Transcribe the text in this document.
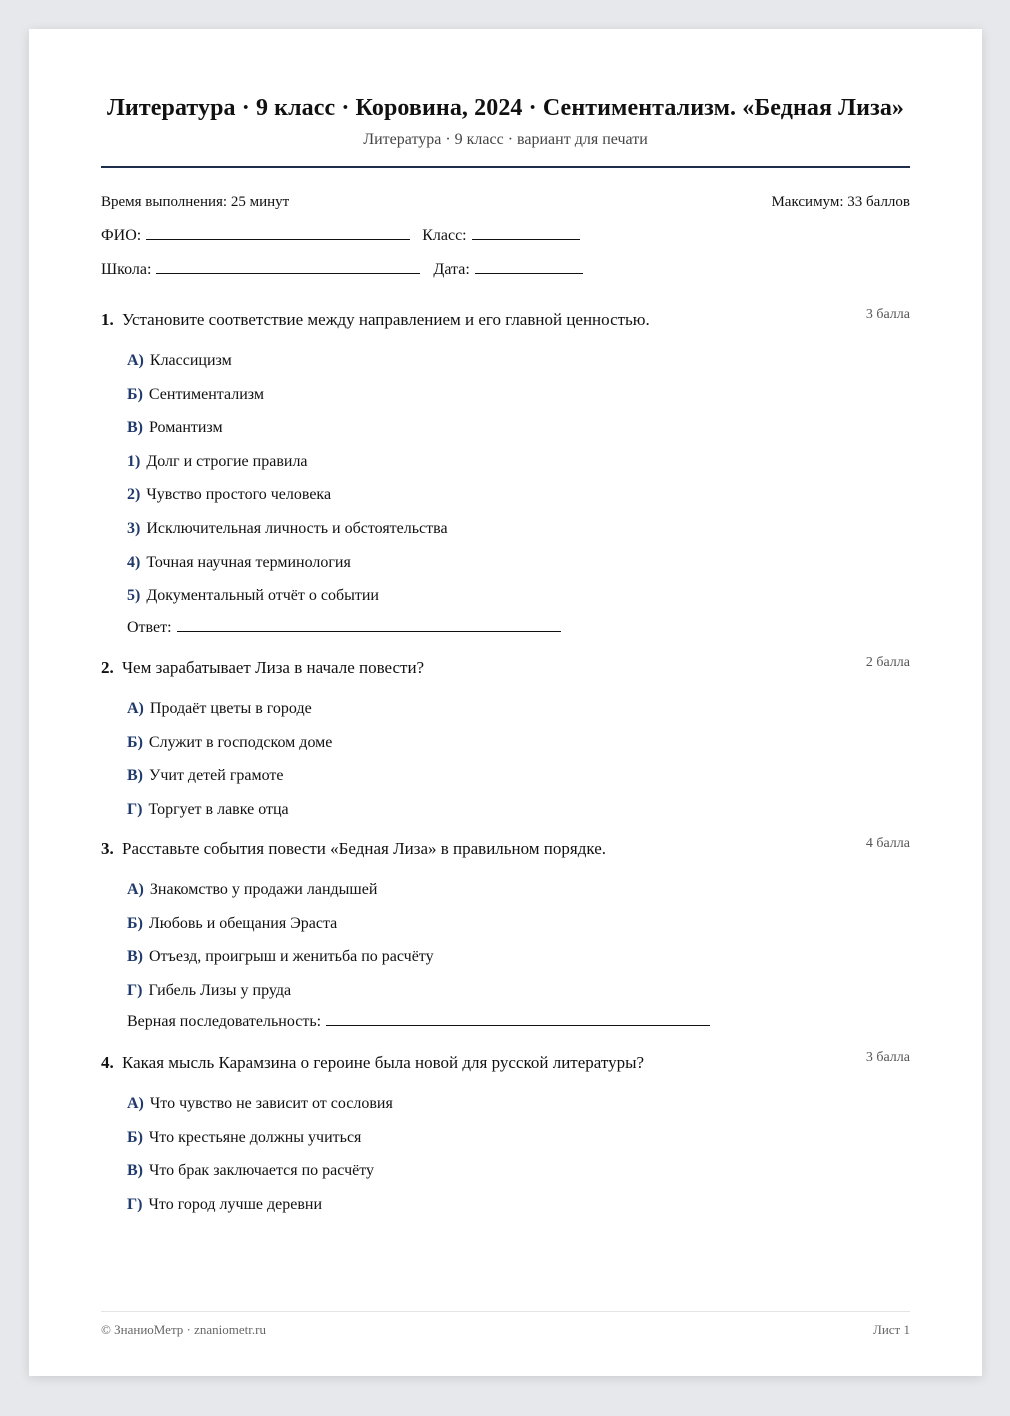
Литература · 9 класс · Коровина, 2024 · Сентиментализм. «Бедная Лиза»
Литература · 9 класс · вариант для печати
Время выполнения: 25 минут	Максимум: 33 баллов
ФИО:	Класс:
Школа:	Дата:
1. Установите соответствие между направлением и его главной ценностью.	3 балла
А) Классицизм
Б) Сентиментализм
В) Романтизм
1) Долг и строгие правила
2) Чувство простого человека
3) Исключительная личность и обстоятельства
4) Точная научная терминология
5) Документальный отчёт о событии
Ответ:
2. Чем зарабатывает Лиза в начале повести?	2 балла
А) Продаёт цветы в городе
Б) Служит в господском доме
В) Учит детей грамоте
Г) Торгует в лавке отца
3. Расставьте события повести «Бедная Лиза» в правильном порядке.	4 балла
А) Знакомство у продажи ландышей
Б) Любовь и обещания Эраста
В) Отъезд, проигрыш и женитьба по расчёту
Г) Гибель Лизы у пруда
Верная последовательность:
4. Какая мысль Карамзина о героине была новой для русской литературы?	3 балла
А) Что чувство не зависит от сословия
Б) Что крестьяне должны учиться
В) Что брак заключается по расчёту
Г) Что город лучше деревни
© ЗнаниоМетр · znaniometr.ru	Лист 1
